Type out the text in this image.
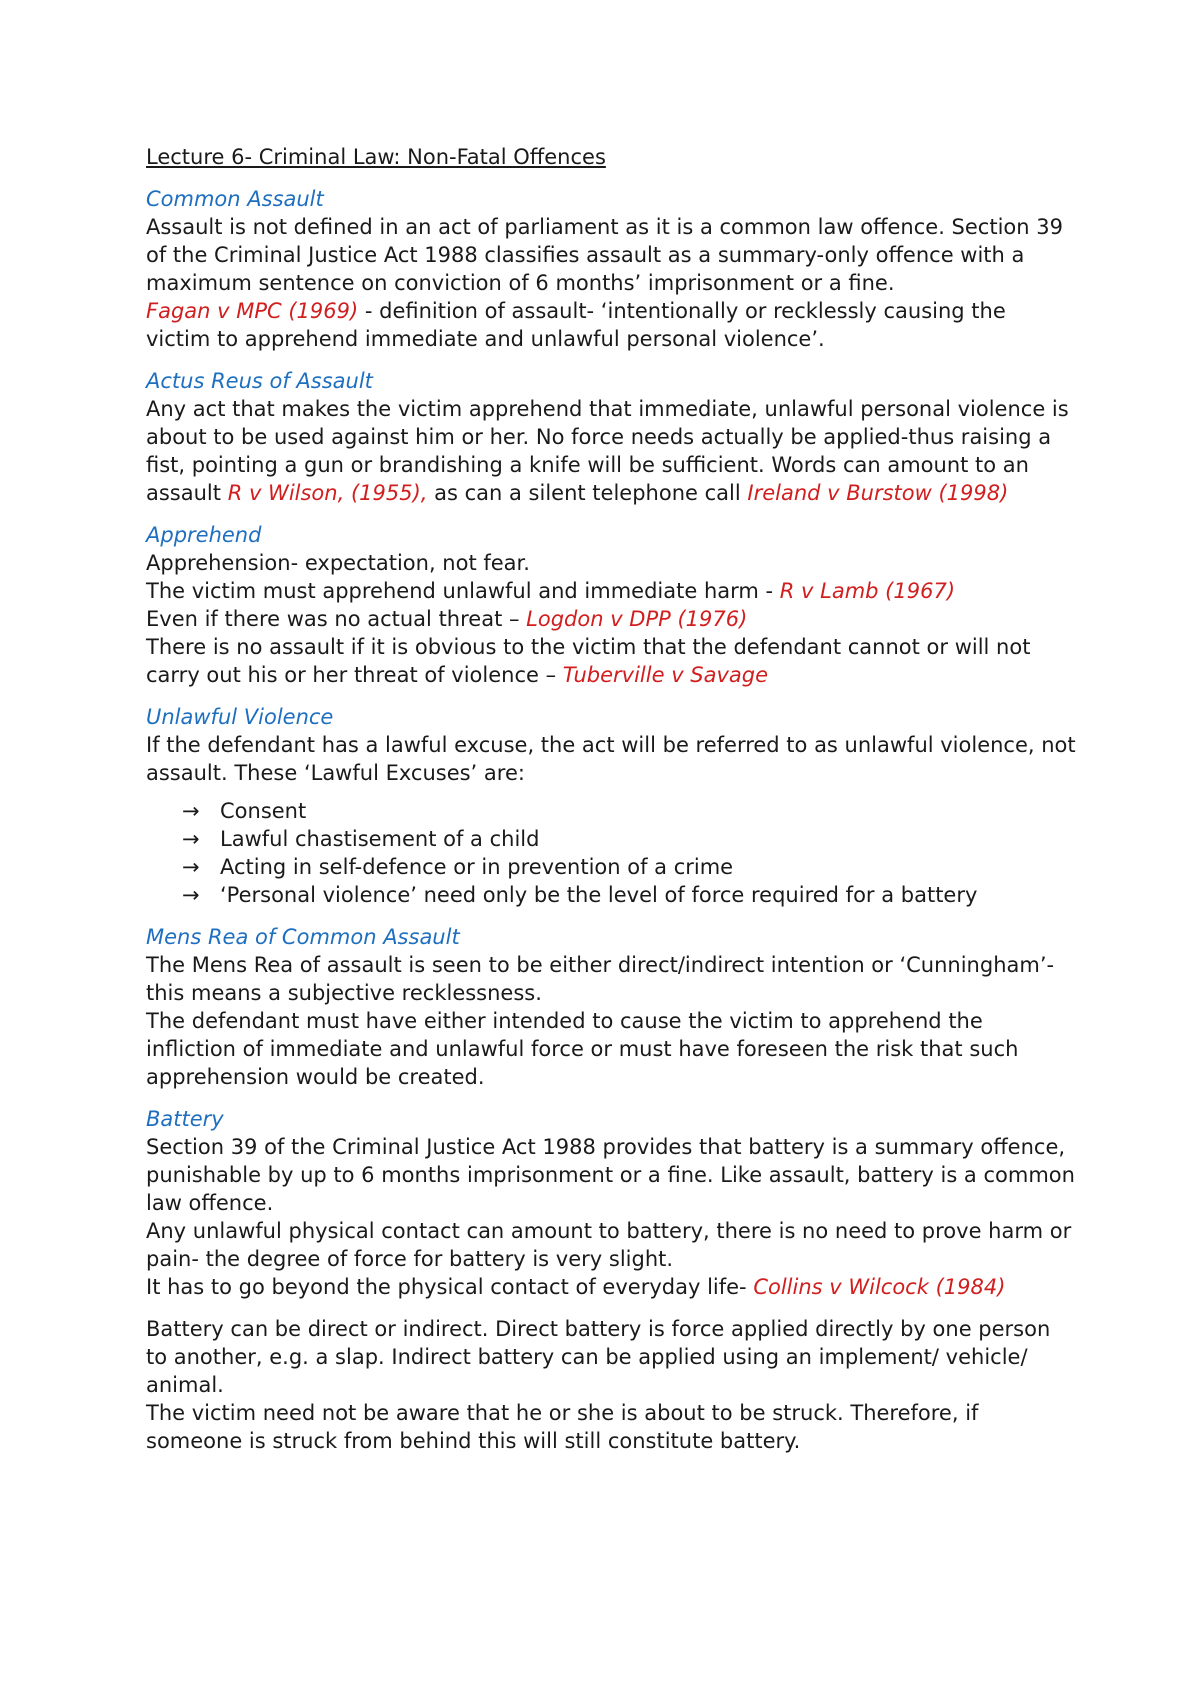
Lecture 6- Criminal Law: Non-Fatal Offences
Common Assault

Assault is not defined in an act of parliament as it is a common law offence. Section 39 of the Criminal Justice Act 1988 classifies assault as a summary-only offence with a maximum sentence on conviction of 6 months’ imprisonment or a fine.

Fagan v MPC (1969) - definition of assault- ‘intentionally or recklessly causing the victim to apprehend immediate and unlawful personal violence’.

Actus Reus of Assault

Any act that makes the victim apprehend that immediate, unlawful personal violence is about to be used against him or her. No force needs actually be applied-thus raising a fist, pointing a gun or brandishing a knife will be sufficient. Words can amount to an assault R v Wilson, (1955), as can a silent telephone call Ireland v Burstow (1998)

Apprehend

Apprehension- expectation, not fear.

The victim must apprehend unlawful and immediate harm - R v Lamb (1967)

Even if there was no actual threat – Logdon v DPP (1976)

There is no assault if it is obvious to the victim that the defendant cannot or will not carry out his or her threat of violence – Tuberville v Savage

Unlawful Violence

If the defendant has a lawful excuse, the act will be referred to as unlawful violence, not assault. These ‘Lawful Excuses’ are:

→ Consent
→ Lawful chastisement of a child
→ Acting in self-defence or in prevention of a crime
→ ‘Personal violence’ need only be the level of force required for a battery
Mens Rea of Common Assault

The Mens Rea of assault is seen to be either direct/indirect intention or ‘Cunningham’- this means a subjective recklessness.

The defendant must have either intended to cause the victim to apprehend the infliction of immediate and unlawful force or must have foreseen the risk that such apprehension would be created.

Battery

Section 39 of the Criminal Justice Act 1988 provides that battery is a summary offence, punishable by up to 6 months imprisonment or a fine. Like assault, battery is a common law offence.

Any unlawful physical contact can amount to battery, there is no need to prove harm or pain- the degree of force for battery is very slight.

It has to go beyond the physical contact of everyday life- Collins v Wilcock (1984)

Battery can be direct or indirect. Direct battery is force applied directly by one person to another, e.g. a slap. Indirect battery can be applied using an implement/ vehicle/ animal.

The victim need not be aware that he or she is about to be struck. Therefore, if someone is struck from behind this will still constitute battery.
